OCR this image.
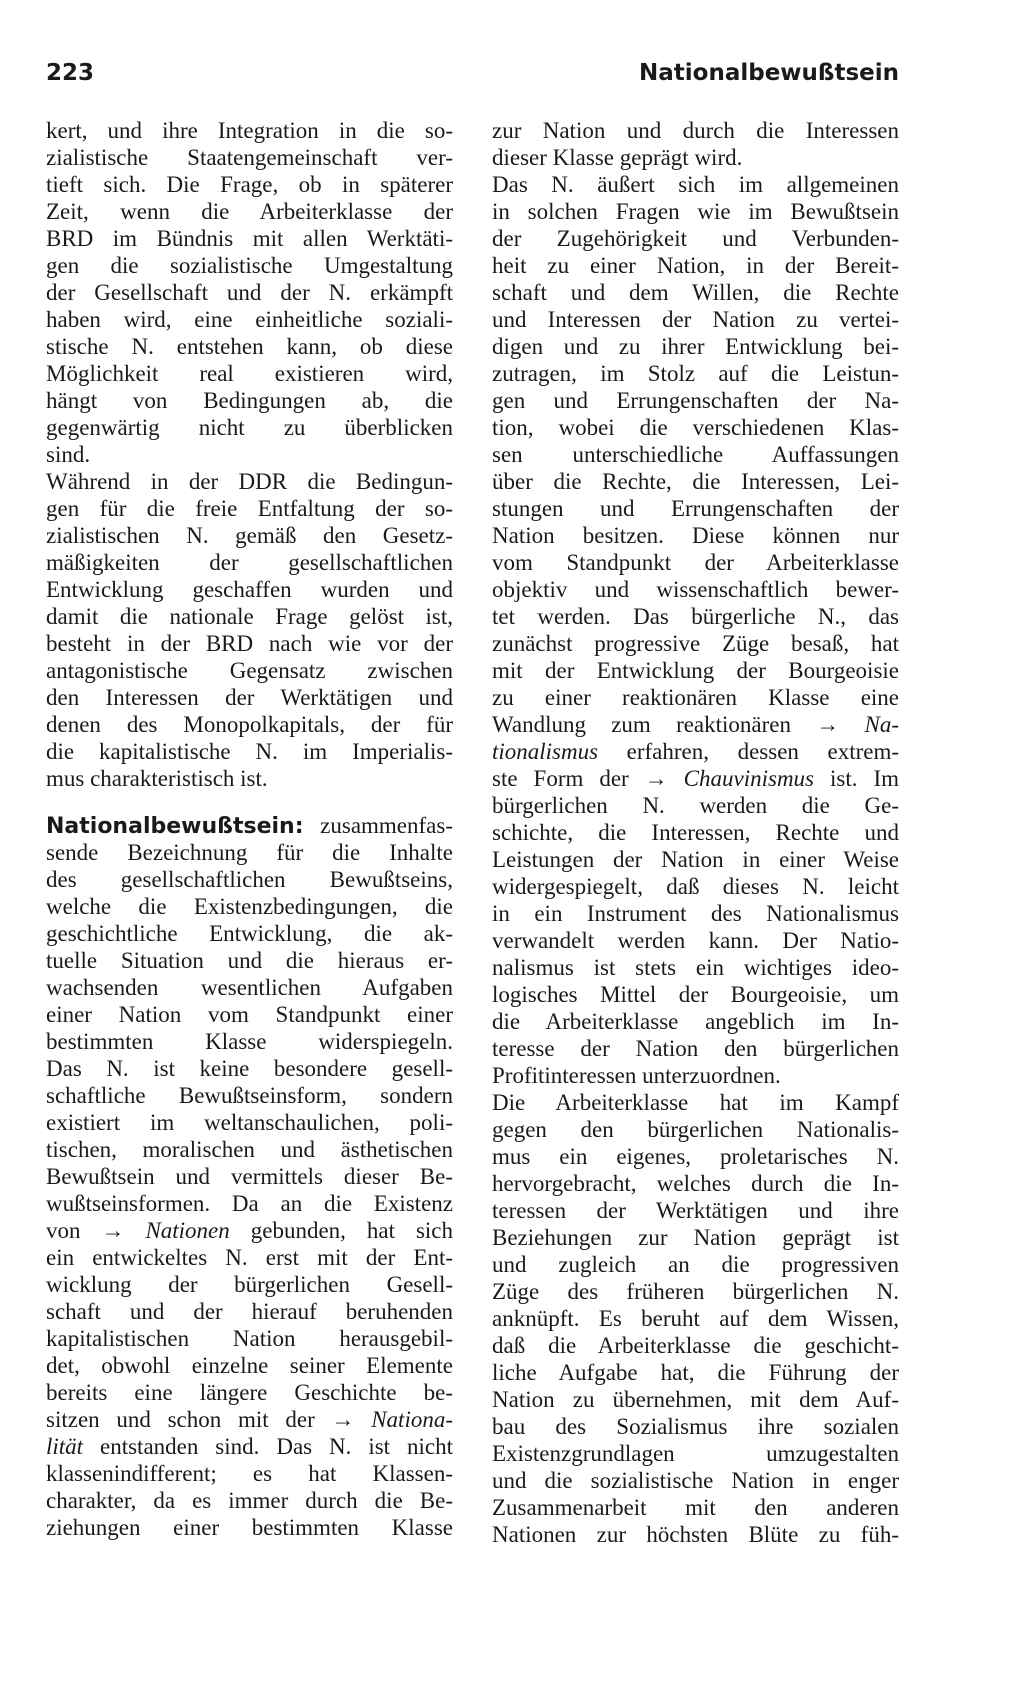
223	Nationalbewußtsein
kert, und ihre Integration in die so-
zialistische Staatengemeinschaft ver-
tieft sich. Die Frage, ob in späterer
Zeit, wenn die Arbeiterklasse der
BRD im Bündnis mit allen Werktäti-
gen die sozialistische Umgestaltung
der Gesellschaft und der N. erkämpft
haben wird, eine einheitliche soziali-
stische N. entstehen kann, ob diese
Möglichkeit real existieren wird,
hängt von Bedingungen ab, die
gegenwärtig nicht zu überblicken
sind.
Während in der DDR die Bedingun-
gen für die freie Entfaltung der so-
zialistischen N. gemäß den Gesetz-
mäßigkeiten der gesellschaftlichen
Entwicklung geschaffen wurden und
damit die nationale Frage gelöst ist,
besteht in der BRD nach wie vor der
antagonistische Gegensatz zwischen
den Interessen der Werktätigen und
denen des Monopolkapitals, der für
die kapitalistische N. im Imperialis-
mus charakteristisch ist.
Nationalbewußtsein: zusammenfas-
sende Bezeichnung für die Inhalte
des gesellschaftlichen Bewußtseins,
welche die Existenzbedingungen, die
geschichtliche Entwicklung, die ak-
tuelle Situation und die hieraus er-
wachsenden wesentlichen Aufgaben
einer Nation vom Standpunkt einer
bestimmten Klasse widerspiegeln.
Das N. ist keine besondere gesell-
schaftliche Bewußtseinsform, sondern
existiert im weltanschaulichen, poli-
tischen, moralischen und ästhetischen
Bewußtsein und vermittels dieser Be-
wußtseinsformen. Da an die Existenz
von → Nationen gebunden, hat sich
ein entwickeltes N. erst mit der Ent-
wicklung der bürgerlichen Gesell-
schaft und der hierauf beruhenden
kapitalistischen Nation herausgebil-
det, obwohl einzelne seiner Elemente
bereits eine längere Geschichte be-
sitzen und schon mit der → Nationa-
lität entstanden sind. Das N. ist nicht
klassenindifferent; es hat Klassen-
charakter, da es immer durch die Be-
ziehungen einer bestimmten Klasse
zur Nation und durch die Interessen
dieser Klasse geprägt wird.
Das N. äußert sich im allgemeinen
in solchen Fragen wie im Bewußtsein
der Zugehörigkeit und Verbunden-
heit zu einer Nation, in der Bereit-
schaft und dem Willen, die Rechte
und Interessen der Nation zu vertei-
digen und zu ihrer Entwicklung bei-
zutragen, im Stolz auf die Leistun-
gen und Errungenschaften der Na-
tion, wobei die verschiedenen Klas-
sen unterschiedliche Auffassungen
über die Rechte, die Interessen, Lei-
stungen und Errungenschaften der
Nation besitzen. Diese können nur
vom Standpunkt der Arbeiterklasse
objektiv und wissenschaftlich bewer-
tet werden. Das bürgerliche N., das
zunächst progressive Züge besaß, hat
mit der Entwicklung der Bourgeoisie
zu einer reaktionären Klasse eine
Wandlung zum reaktionären → Na-
tionalismus erfahren, dessen extrem-
ste Form der → Chauvinismus ist. Im
bürgerlichen N. werden die Ge-
schichte, die Interessen, Rechte und
Leistungen der Nation in einer Weise
widergespiegelt, daß dieses N. leicht
in ein Instrument des Nationalismus
verwandelt werden kann. Der Natio-
nalismus ist stets ein wichtiges ideo-
logisches Mittel der Bourgeoisie, um
die Arbeiterklasse angeblich im In-
teresse der Nation den bürgerlichen
Profitinteressen unterzuordnen.
Die Arbeiterklasse hat im Kampf
gegen den bürgerlichen Nationalis-
mus ein eigenes, proletarisches N.
hervorgebracht, welches durch die In-
teressen der Werktätigen und ihre
Beziehungen zur Nation geprägt ist
und zugleich an die progressiven
Züge des früheren bürgerlichen N.
anknüpft. Es beruht auf dem Wissen,
daß die Arbeiterklasse die geschicht-
liche Aufgabe hat, die Führung der
Nation zu übernehmen, mit dem Auf-
bau des Sozialismus ihre sozialen
Existenzgrundlagen umzugestalten
und die sozialistische Nation in enger
Zusammenarbeit mit den anderen
Nationen zur höchsten Blüte zu füh-
